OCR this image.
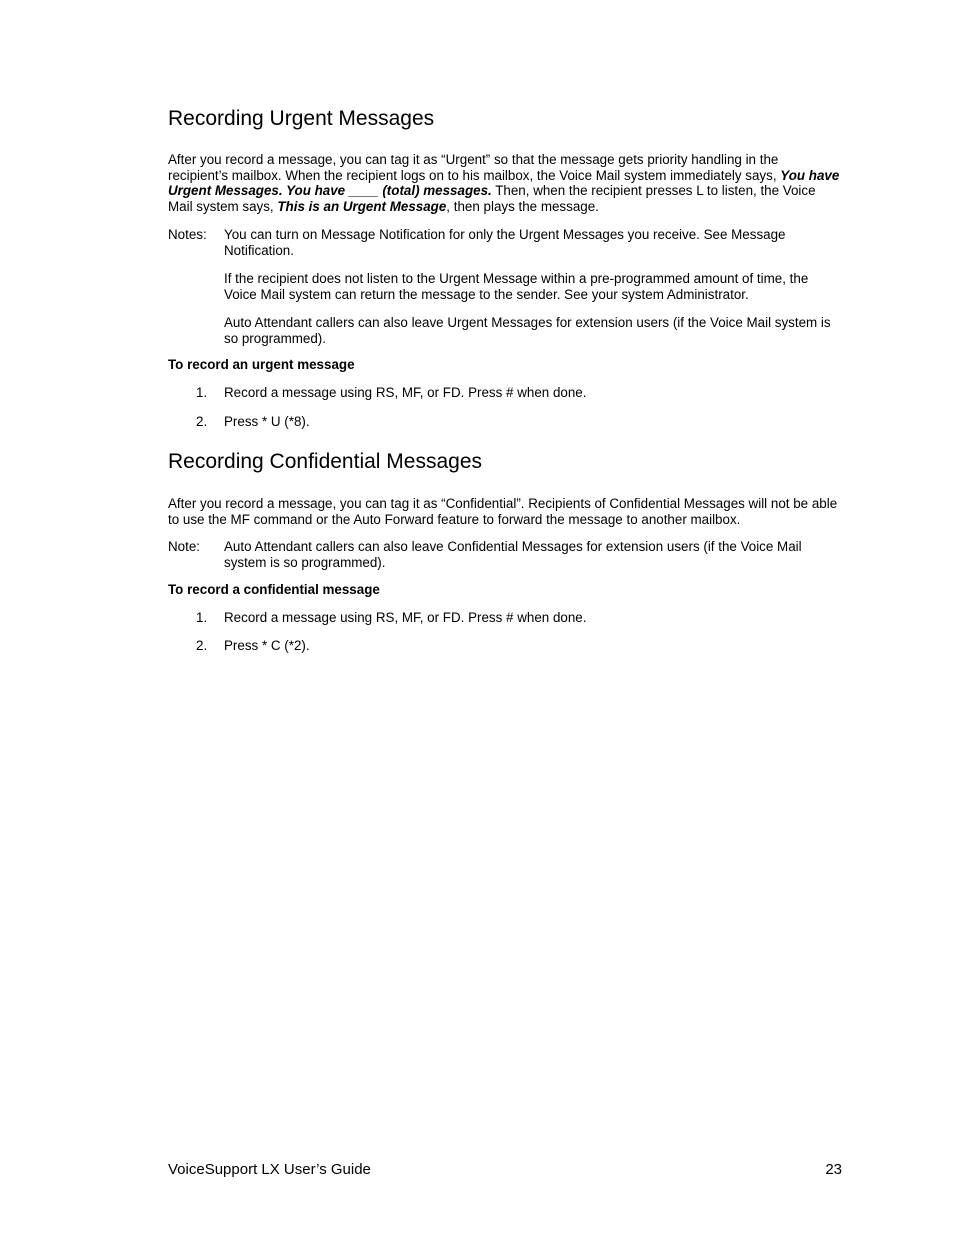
Recording Urgent Messages
After you record a message, you can tag it as “Urgent” so that the message gets priority handling in the recipient’s mailbox. When the recipient logs on to his mailbox, the Voice Mail system immediately says, You have Urgent Messages. You have ____ (total) messages. Then, when the recipient presses L to listen, the Voice Mail system says, This is an Urgent Message, then plays the message.
Notes:	You can turn on Message Notification for only the Urgent Messages you receive. See Message Notification.
If the recipient does not listen to the Urgent Message within a pre-programmed amount of time, the Voice Mail system can return the message to the sender. See your system Administrator.
Auto Attendant callers can also leave Urgent Messages for extension users (if the Voice Mail system is so programmed).
To record an urgent message
1. Record a message using RS, MF, or FD. Press # when done.
2. Press * U (*8).
Recording Confidential Messages
After you record a message, you can tag it as “Confidential”. Recipients of Confidential Messages will not be able to use the MF command or the Auto Forward feature to forward the message to another mailbox.
Note:	Auto Attendant callers can also leave Confidential Messages for extension users (if the Voice Mail system is so programmed).
To record a confidential message
1. Record a message using RS, MF, or FD. Press # when done.
2. Press * C (*2).
VoiceSupport LX User’s Guide	23
